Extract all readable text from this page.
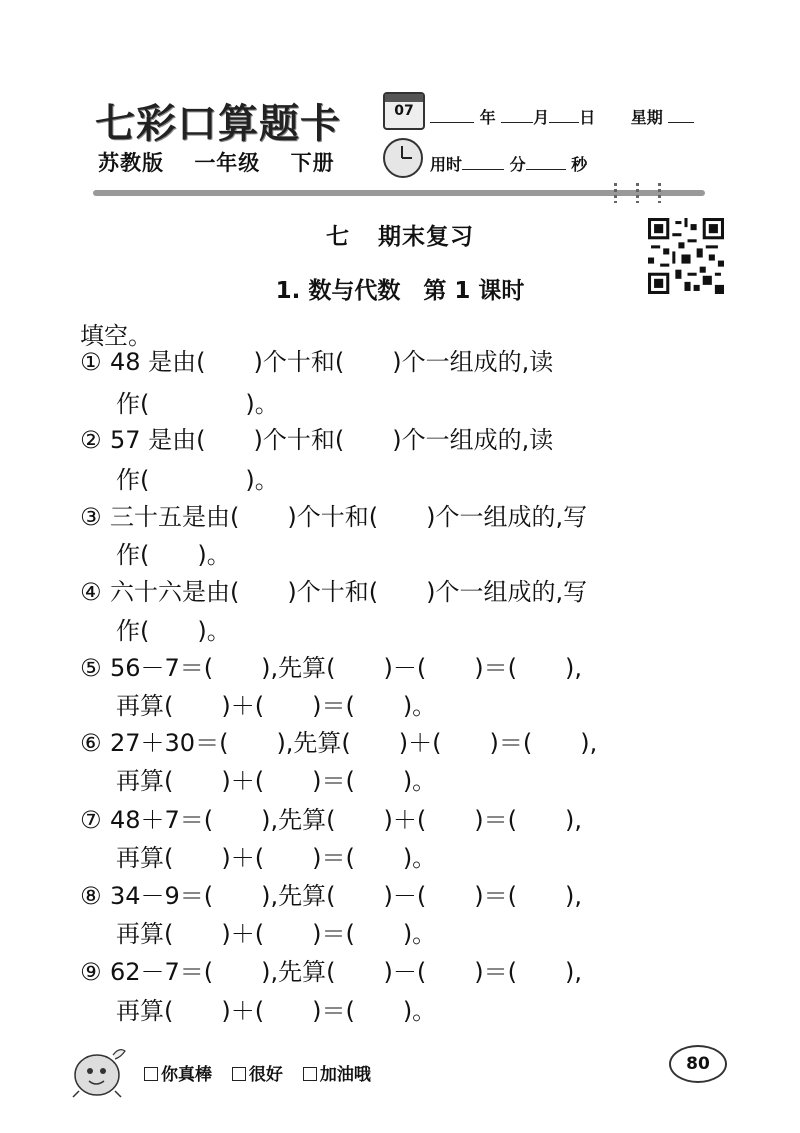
七彩口算题卡
苏教版 一年级 下册
07	年 月 日 星期
用时	分	秒
七 期末复习
1. 数与代数　第 1 课时
填空。
① 48 是由(　　)个十和(　　)个一组成的,读
作(　　　　)。
② 57 是由(　　)个十和(　　)个一组成的,读
作(　　　　)。
③ 三十五是由(　　)个十和(　　)个一组成的,写
作(　　)。
④ 六十六是由(　　)个十和(　　)个一组成的,写
作(　　)。
⑤ 56－7＝(　　),先算(　　)－(　　)＝(　　),
再算(　　)＋(　　)＝(　　)。
⑥ 27＋30＝(　　),先算(　　)＋(　　)＝(　　),
再算(　　)＋(　　)＝(　　)。
⑦ 48＋7＝(　　),先算(　　)＋(　　)＝(　　),
再算(　　)＋(　　)＝(　　)。
⑧ 34－9＝(　　),先算(　　)－(　　)＝(　　),
再算(　　)＋(　　)＝(　　)。
⑨ 62－7＝(　　),先算(　　)－(　　)＝(　　),
再算(　　)＋(　　)＝(　　)。
你真棒 很好 加油哦
80
